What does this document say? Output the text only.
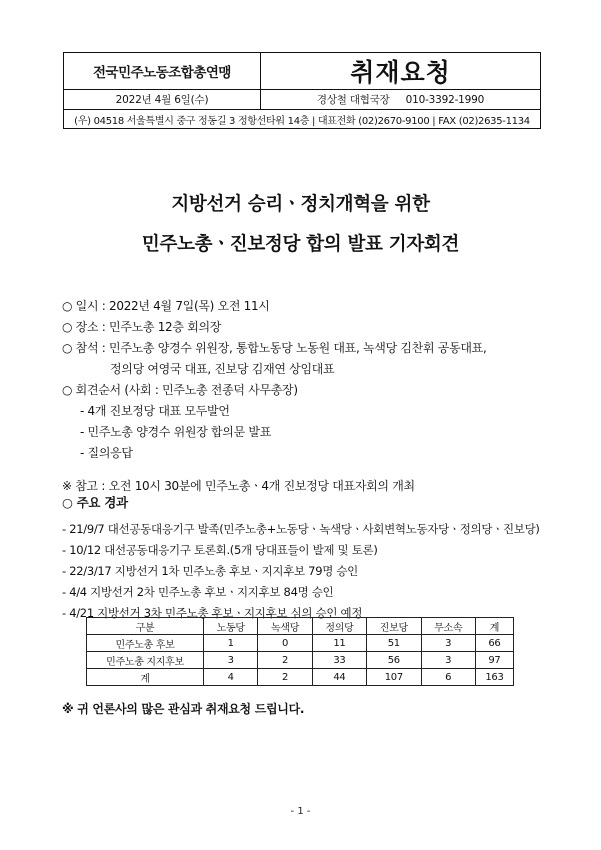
전국민주노동조합총연맹	취재요청
2022년 4월 6일(수)	경상철 대협국장 010-3392-1990
(우) 04518 서울특별시 중구 정동길 3 정항선타워 14층 | 대표전화 (02)2670-9100 | FAX (02)2635-1134
지방선거 승리ㆍ정치개혁을 위한
민주노총ㆍ진보정당 합의 발표 기자회견
○ 일시 : 2022년 4월 7일(목) 오전 11시
○ 장소 : 민주노총 12층 회의장
○ 참석 : 민주노총 양경수 위원장, 통합노동당 노동원 대표, 녹색당 김찬휘 공동대표,
정의당 여영국 대표, 진보당 김재연 상임대표
○ 회견순서 (사회 : 민주노총 전종덕 사무총장)
- 4개 진보정당 대표 모두발언
- 민주노총 양경수 위원장 합의문 발표
- 질의응답
※ 참고 : 오전 10시 30분에 민주노총ㆍ4개 진보정당 대표자회의 개최
○ 주요 경과
- 21/9/7 대선공동대응기구 발족(민주노총+노동당ㆍ녹색당ㆍ사회변혁노동자당ㆍ정의당ㆍ진보당)
- 10/12 대선공동대응기구 토론회.(5개 당대표들이 발제 및 토론)
- 22/3/17 지방선거 1차 민주노총 후보ㆍ지지후보 79명 승인
- 4/4 지방선거 2차 민주노총 후보ㆍ지지후보 84명 승인
- 4/21 지방선거 3차 민주노총 후보ㆍ지지후보 심의 승인 예정
구분	노동당	녹색당	정의당	진보당	무소속	계
민주노총 후보	1	0	11	51	3	66
민주노총 지지후보	3	2	33	56	3	97
계	4	2	44	107	6	163
※ 귀 언론사의 많은 관심과 취재요청 드립니다.
- 1 -
